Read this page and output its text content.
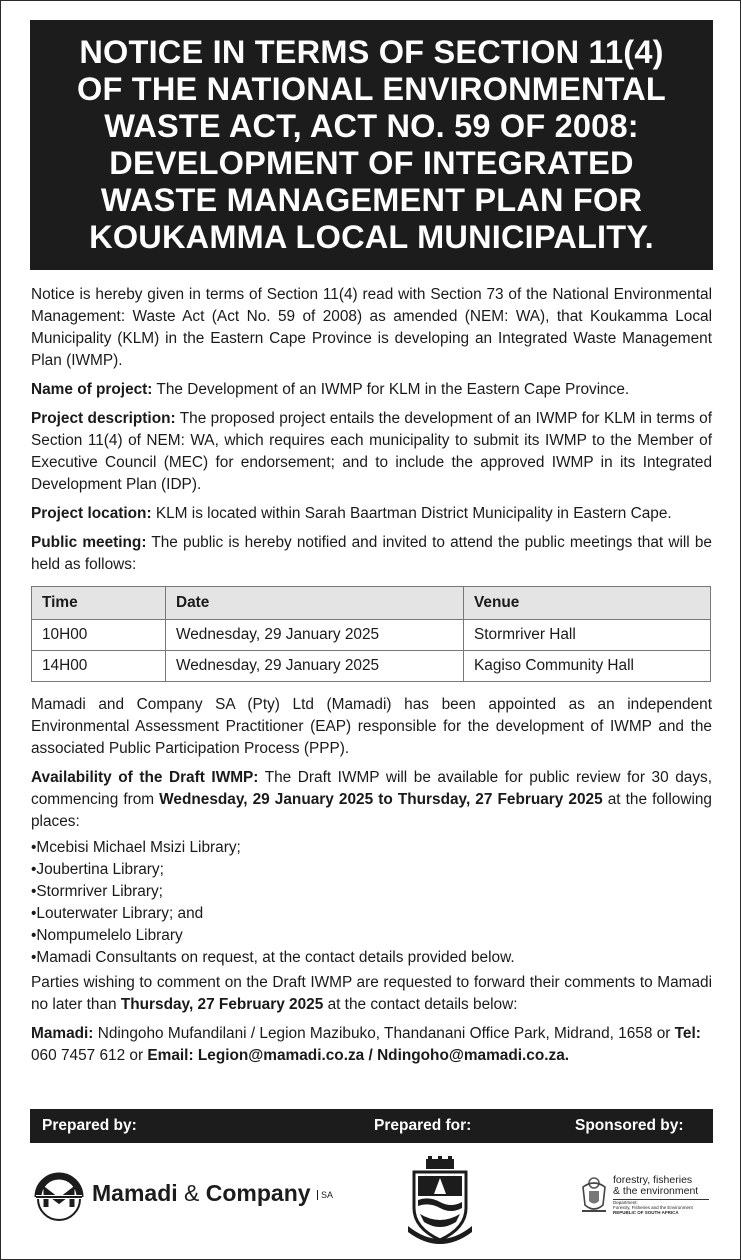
NOTICE IN TERMS OF SECTION 11(4)
OF THE NATIONAL ENVIRONMENTAL
WASTE ACT, ACT NO. 59 OF 2008:
DEVELOPMENT OF INTEGRATED
WASTE MANAGEMENT PLAN FOR
KOUKAMMA LOCAL MUNICIPALITY.

Notice is hereby given in terms of Section 11(4) read with Section 73 of the National Environmental Management: Waste Act (Act No. 59 of 2008) as amended (NEM: WA), that Koukamma Local Municipality (KLM) in the Eastern Cape Province is developing an Integrated Waste Management Plan (IWMP).

Name of project: The Development of an IWMP for KLM in the Eastern Cape Province.

Project description: The proposed project entails the development of an IWMP for KLM in terms of Section 11(4) of NEM: WA, which requires each municipality to submit its IWMP to the Member of Executive Council (MEC) for endorsement; and to include the approved IWMP in its Integrated Development Plan (IDP).

Project location: KLM is located within Sarah Baartman District Municipality in Eastern Cape.

Public meeting: The public is hereby notified and invited to attend the public meetings that will be held as follows:

Time	Date	Venue
10H00	Wednesday, 29 January 2025	Stormriver Hall
14H00	Wednesday, 29 January 2025	Kagiso Community Hall

Mamadi and Company SA (Pty) Ltd (Mamadi) has been appointed as an independent Environmental Assessment Practitioner (EAP) responsible for the development of IWMP and the associated Public Participation Process (PPP).

Availability of the Draft IWMP: The Draft IWMP will be available for public review for 30 days, commencing from Wednesday, 29 January 2025 to Thursday, 27 February 2025 at the following places:

• Mcebisi Michael Msizi Library;
• Joubertina Library;
• Stormriver Library;
• Louterwater Library; and
• Nompumelelo Library
• Mamadi Consultants on request, at the contact details provided below.

Parties wishing to comment on the Draft IWMP are requested to forward their comments to Mamadi no later than Thursday, 27 February 2025 at the contact details below:

Mamadi: Ndingoho Mufandilani / Legion Mazibuko, Thandanani Office Park, Midrand, 1658 or Tel: 060 7457 612 or Email: Legion@mamadi.co.za / Ndingoho@mamadi.co.za.

Prepared by:	Prepared for:	Sponsored by:
Mamadi & Company SA
forestry, fisheries
& the environment
Department:
Forestry, Fisheries and the Environment
REPUBLIC OF SOUTH AFRICA
